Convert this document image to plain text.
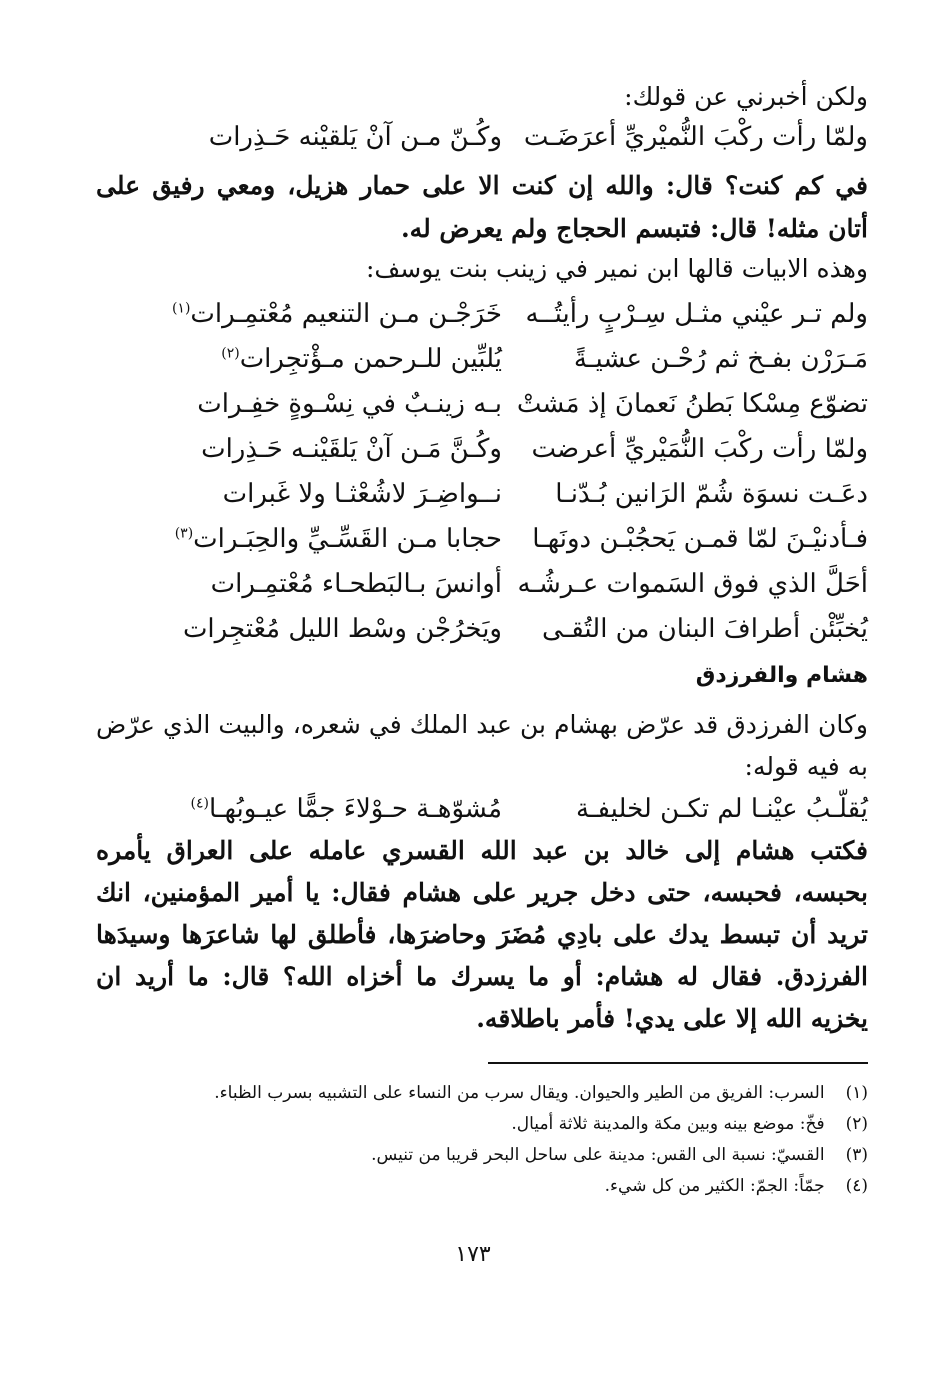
ولكن أخبرني عن قولك:
ولمّا رأت ركْبَ النُّميْريِّ أعرَضَـت
وكُـنّ مـن آنْ يَلقيْنه حَـذِرات
في كم كنت؟ قال: والله إن كنت الا على حمار هزيل، ومعي رفيق على أتان مثله! قال: فتبسم الحجاج ولم يعرض له.
وهذه الابيات قالها ابن نمير في زينب بنت يوسف:
ولم تـر عيْني مثـل سِـرْبٍ رأيتُــه
خَرَجْـن مـن التنعيم مُعْتمِـرات$^{(١)}$
مَـرَرْن بفـخ ثم رُحْـن عشيـةً
يُلبِّين للـرحمن مـؤْتجِرات$^{(٢)}$
تضوّع مِسْكا بَطنُ نَعمانَ إذ مَشتْ
بـه زينـبٌ في نِسْـوةٍ خفِـرات
ولمّا رأت ركْبَ النُّمَيْريِّ أعرضت
وكُـنَّ مَـن آنْ يَلقَيْنـه حَـذِرات
دعَـت نسوَة شُمّ الرَانين بُـدّنـا
نــواضِـرَ لاشُعْثـا ولا غَبرات
فـأدنيْـنَ لمّا قمـن يَحجُبْـن دونَهـا
حجابا مـن القَسِّـيِّ والحِبَـرات$^{(٣)}$
أحَلَّ الذي فوق السَموات عـرشُـه
أوانسَ بـالبَطحـاء مُعْتمِـرات
يُخبِّئْن أطرافَ البنان من التُقـى
ويَخرُجْن وسْط الليل مُعْتجِرات
هشام والفرزدق
وكان الفرزدق قد عرّض بهشام بن عبد الملك في شعره، والبيت الذي عرّض به فيه قوله:
يُقلّـبُ عيْنـا لم تكـن لخليفـة
مُشوّهـة حـوْلاءَ جمًّا عيـوبُهـا$^{(٤)}$
فكتب هشام إلى خالد بن عبد الله القسري عامله على العراق يأمره بحبسه، فحبسه، حتى دخل جرير على هشام فقال: يا أمير المؤمنين، انك تريد أن تبسط يدك على بادِي مُضَرَ وحاضرَها، فأطلق لها شاعرَها وسيدَها الفرزدق. فقال له هشام: أو ما يسرك ما أخزاه الله؟ قال: ما أريد ان يخزيه الله إلا على يدي! فأمر باطلاقه.
(١) السرب: الفريق من الطير والحيوان. ويقال سرب من النساء على التشبيه بسرب الظباء.
(٢) فخّ: موضع بينه وبين مكة والمدينة ثلاثة أميال.
(٣) القسيّ: نسبة الى القس: مدينة على ساحل البحر قريبا من تنيس.
(٤) جمّاً: الجمّ: الكثير من كل شيء.
١٧٣
